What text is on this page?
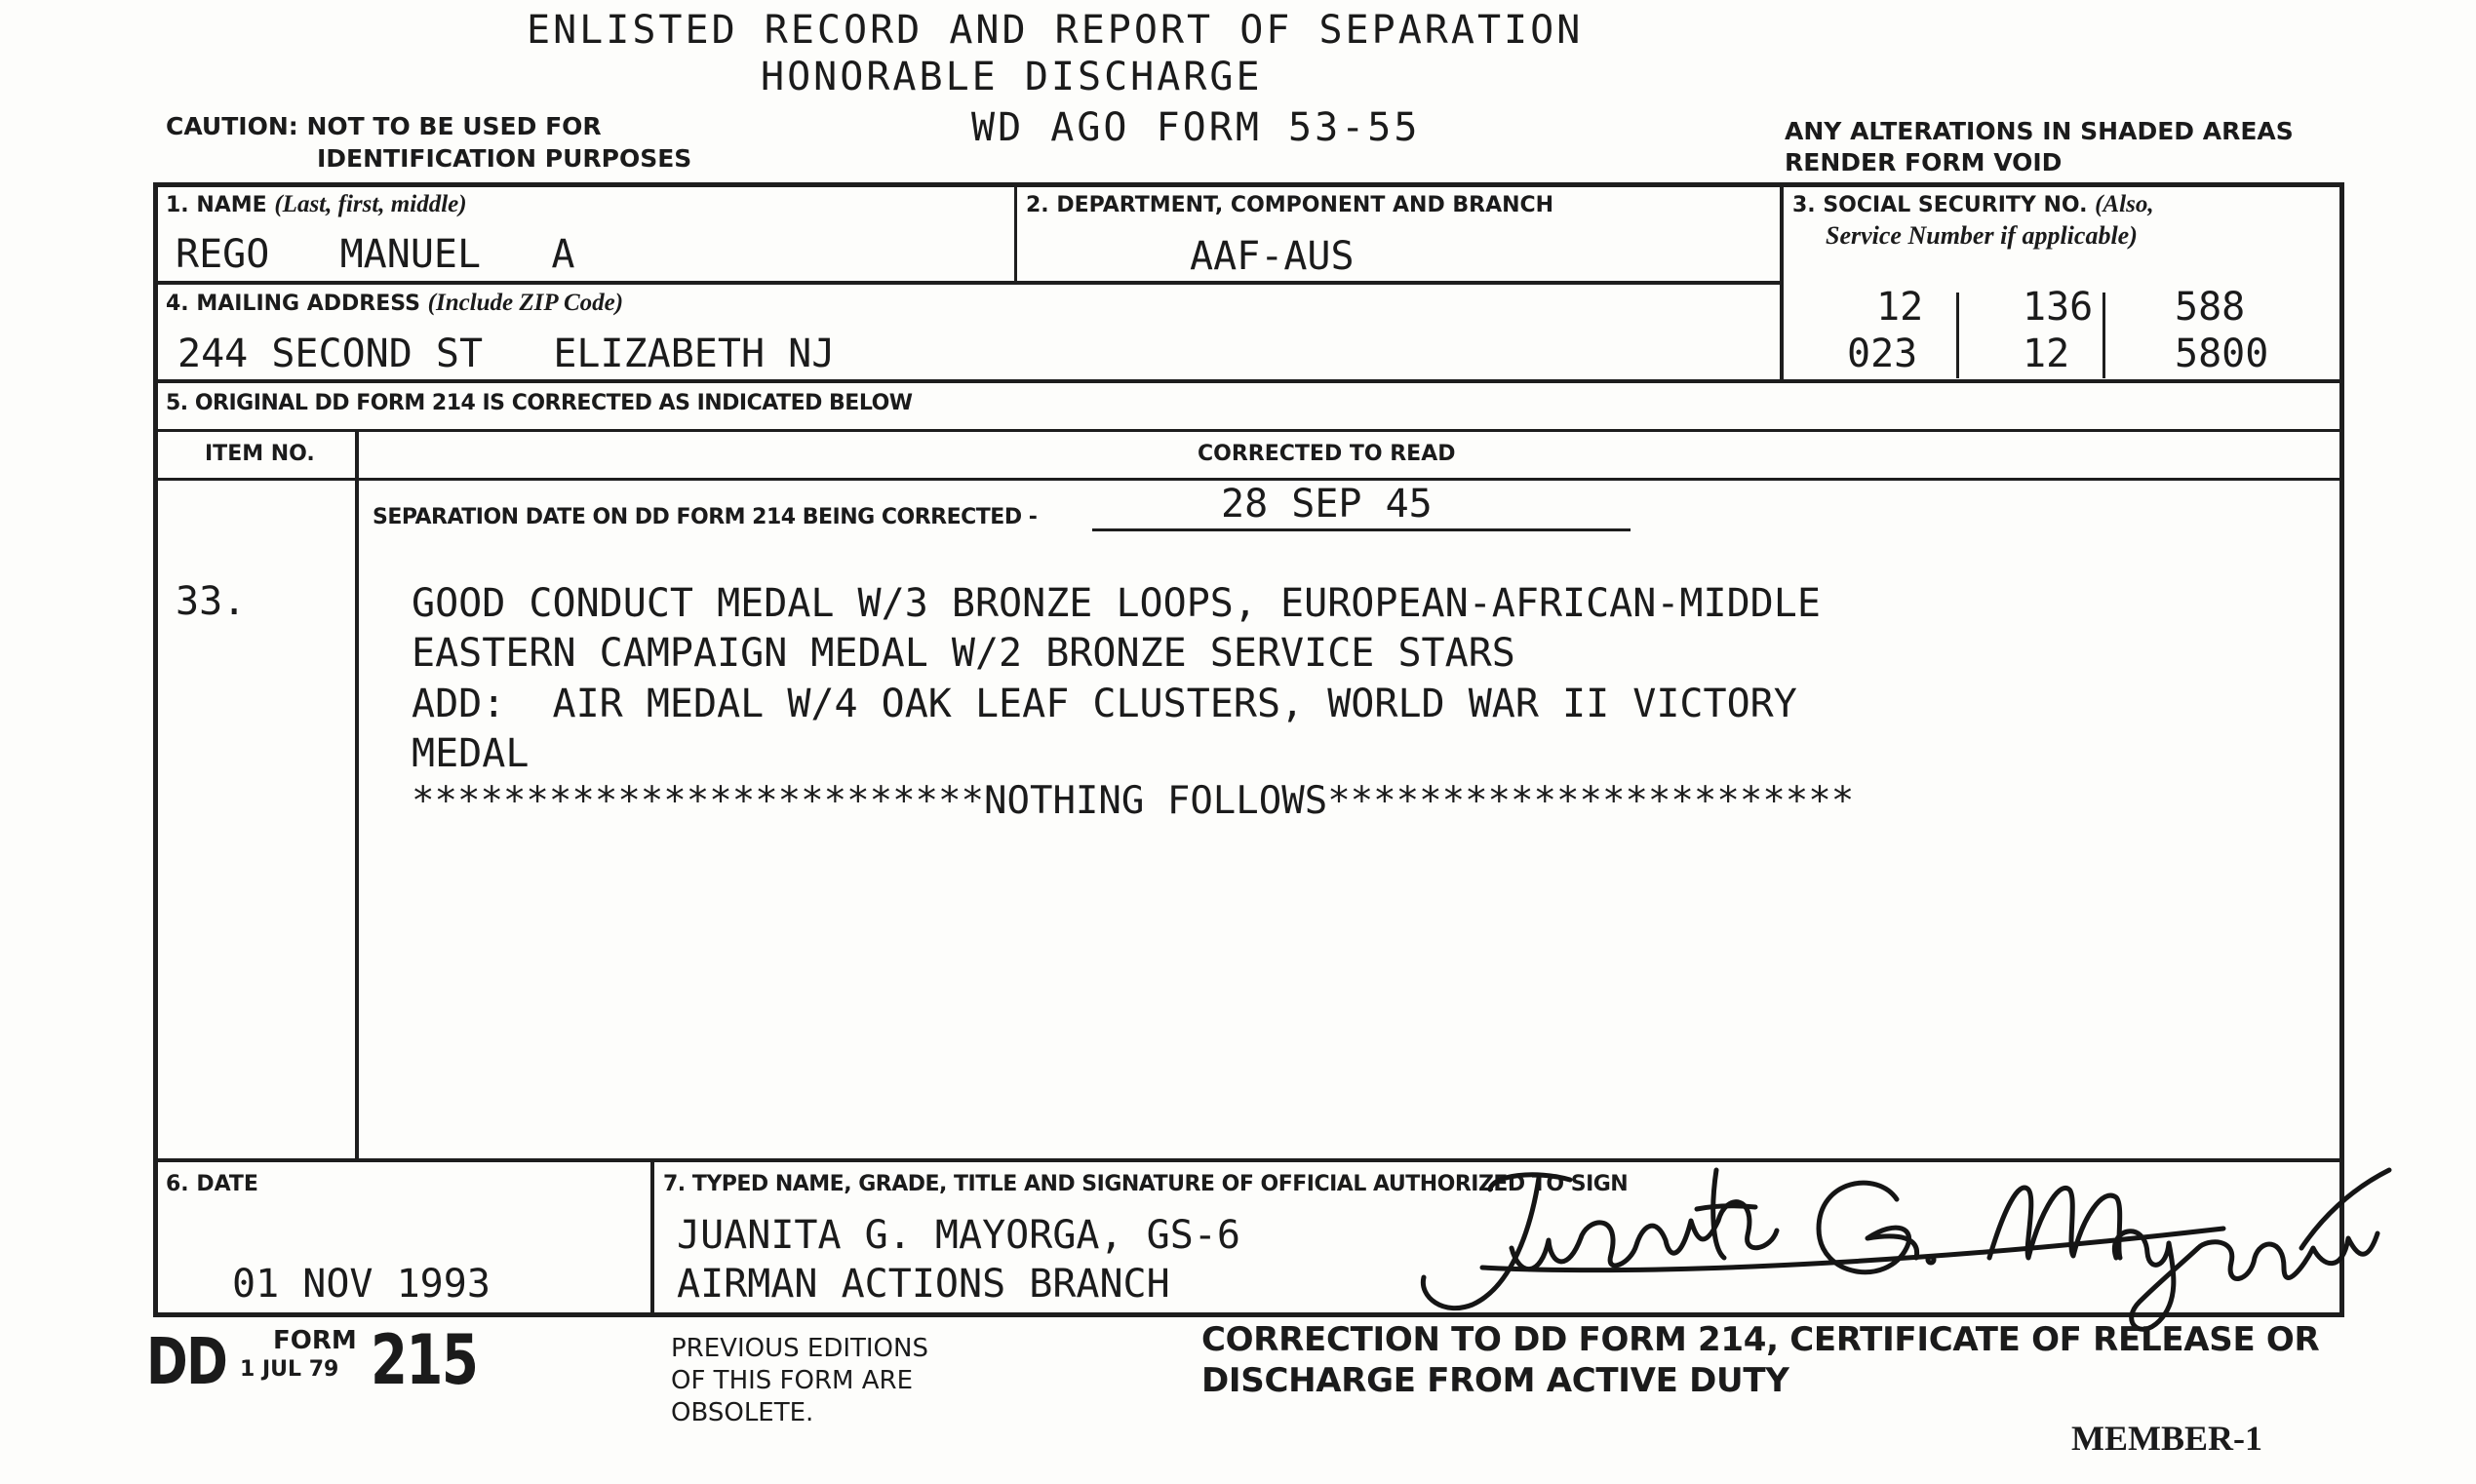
ENLISTED RECORD AND REPORT OF SEPARATION
HONORABLE DISCHARGE
WD AGO FORM 53-55
CAUTION: NOT TO BE USED FOR
IDENTIFICATION PURPOSES
ANY ALTERATIONS IN SHADED AREAS
RENDER FORM VOID
1. NAME (Last, first, middle)
REGO   MANUEL   A
2. DEPARTMENT, COMPONENT AND BRANCH
AAF-AUS
3. SOCIAL SECURITY NO. (Also,
Service Number if applicable)
12	136 588
023	12	5800
4. MAILING ADDRESS (Include ZIP Code)
244 SECOND ST   ELIZABETH NJ
5. ORIGINAL DD FORM 214 IS CORRECTED AS INDICATED BELOW
ITEM NO.	CORRECTED TO READ
SEPARATION DATE ON DD FORM 214 BEING CORRECTED -	28 SEP 45
33.	GOOD CONDUCT MEDAL W/3 BRONZE LOOPS, EUROPEAN-AFRICAN-MIDDLE
EASTERN CAMPAIGN MEDAL W/2 BRONZE SERVICE STARS
ADD:  AIR MEDAL W/4 OAK LEAF CLUSTERS, WORLD WAR II VICTORY
MEDAL
*************************NOTHING FOLLOWS***********************
6. DATE
01 NOV 1993
7. TYPED NAME, GRADE, TITLE AND SIGNATURE OF OFFICIAL AUTHORIZED TO SIGN
JUANITA G. MAYORGA, GS-6
AIRMAN ACTIONS BRANCH
DD FORM
1 JUL 79 215	PREVIOUS EDITIONS
OF THIS FORM ARE
OBSOLETE.
CORRECTION TO DD FORM 214, CERTIFICATE OF RELEASE OR
DISCHARGE FROM ACTIVE DUTY
MEMBER-1
